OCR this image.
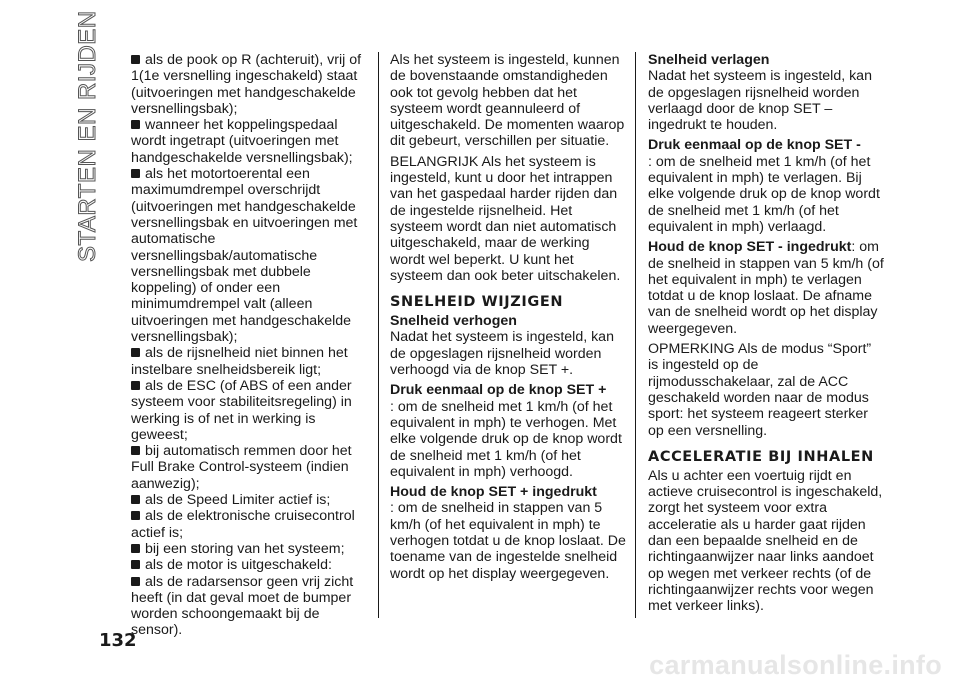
STARTEN EN RIJDEN	als de pook op R (achteruit), vrij of 1(1e versnelling ingeschakeld) staat (uitvoeringen met handgeschakelde versnellingsbak);
wanneer het koppelingspedaal wordt ingetrapt (uitvoeringen met handgeschakelde versnellingsbak);
als het motortoerental een maximumdrempel overschrijdt (uitvoeringen met handgeschakelde versnellingsbak en uitvoeringen met automatische versnellingsbak/automatische versnellingsbak met dubbele koppeling) of onder een minimumdrempel valt (alleen uitvoeringen met handgeschakelde versnellingsbak);
als de rijsnelheid niet binnen het instelbare snelheidsbereik ligt;
als de ESC (of ABS of een ander systeem voor stabiliteitsregeling) in werking is of net in werking is geweest;
bij automatisch remmen door het Full Brake Control-systeem (indien aanwezig);
als de Speed Limiter actief is;
als de elektronische cruisecontrol actief is;
bij een storing van het systeem;
als de motor is uitgeschakeld:
als de radarsensor geen vrij zicht heeft (in dat geval moet de bumper worden schoongemaakt bij de sensor).

Als het systeem is ingesteld, kunnen de bovenstaande omstandigheden ook tot gevolg hebben dat het systeem wordt geannuleerd of uitgeschakeld. De momenten waarop dit gebeurt, verschillen per situatie.

BELANGRIJK Als het systeem is ingesteld, kunt u door het intrappen van het gaspedaal harder rijden dan de ingestelde rijsnelheid. Het systeem wordt dan niet automatisch uitgeschakeld, maar de werking wordt wel beperkt. U kunt het systeem dan ook beter uitschakelen.

SNELHEID WIJZIGEN
Snelheid verhogen

Nadat het systeem is ingesteld, kan de opgeslagen rijsnelheid worden verhoogd via de knop SET +.

Druk eenmaal op de knop SET +

: om de snelheid met 1 km/h (of het equivalent in mph) te verhogen. Met elke volgende druk op de knop wordt de snelheid met 1 km/h (of het equivalent in mph) verhoogd.

Houd de knop SET + ingedrukt

: om de snelheid in stappen van 5 km/h (of het equivalent in mph) te verhogen totdat u de knop loslaat. De toename van de ingestelde snelheid wordt op het display weergegeven.

Snelheid verlagen

Nadat het systeem is ingesteld, kan de opgeslagen rijsnelheid worden verlaagd door de knop SET – ingedrukt te houden.

Druk eenmaal op de knop SET -

: om de snelheid met 1 km/h (of het equivalent in mph) te verlagen. Bij elke volgende druk op de knop wordt de snelheid met 1 km/h (of het equivalent in mph) verlaagd.

Houd de knop SET - ingedrukt: om de snelheid in stappen van 5 km/h (of het equivalent in mph) te verlagen totdat u de knop loslaat. De afname van de snelheid wordt op het display weergegeven.

OPMERKING Als de modus “Sport” is ingesteld op de rijmodusschakelaar, zal de ACC geschakeld worden naar de modus sport: het systeem reageert sterker op een versnelling.

ACCELERATIE BIJ INHALEN

Als u achter een voertuig rijdt en actieve cruisecontrol is ingeschakeld, zorgt het systeem voor extra acceleratie als u harder gaat rijden dan een bepaalde snelheid en de richtingaanwijzer naar links aandoet op wegen met verkeer rechts (of de richtingaanwijzer rechts voor wegen met verkeer links).

132
carmanualsonline.info
